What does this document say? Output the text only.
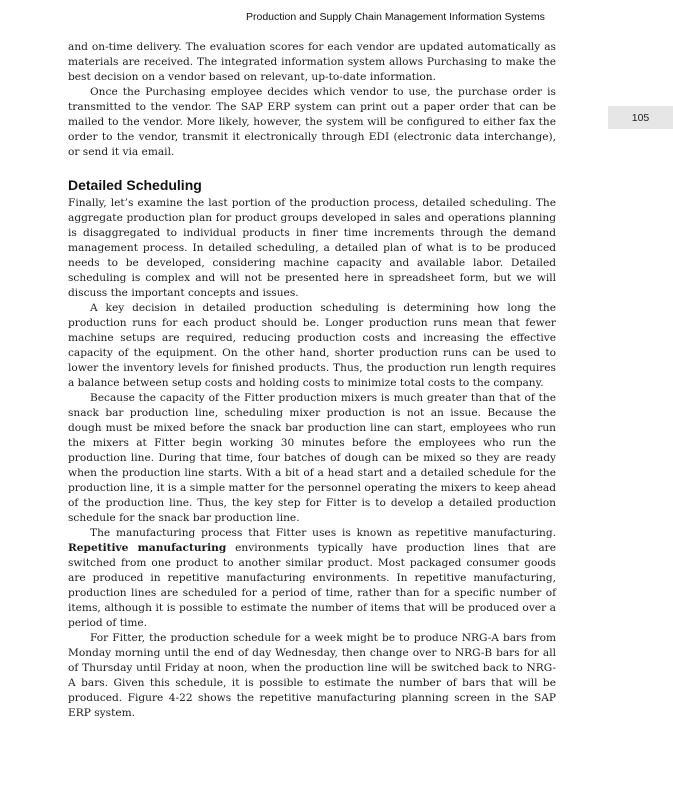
Production and Supply Chain Management Information Systems
105

and on-time delivery. The evaluation scores for each vendor are updated automatically as materials are received. The integrated information system allows Purchasing to make the best decision on a vendor based on relevant, up-to-date information.

Once the Purchasing employee decides which vendor to use, the purchase order is transmitted to the vendor. The SAP ERP system can print out a paper order that can be mailed to the vendor. More likely, however, the system will be configured to either fax the order to the vendor, transmit it electronically through EDI (electronic data interchange), or send it via email.

Detailed Scheduling

Finally, let’s examine the last portion of the production process, detailed scheduling. The aggregate production plan for product groups developed in sales and operations planning is disaggregated to individual products in finer time increments through the demand management process. In detailed scheduling, a detailed plan of what is to be produced needs to be developed, considering machine capacity and available labor. Detailed scheduling is complex and will not be presented here in spreadsheet form, but we will discuss the important concepts and issues.

A key decision in detailed production scheduling is determining how long the production runs for each product should be. Longer production runs mean that fewer machine setups are required, reducing production costs and increasing the effective capacity of the equipment. On the other hand, shorter production runs can be used to lower the inventory levels for finished products. Thus, the production run length requires a balance between setup costs and holding costs to minimize total costs to the company.

Because the capacity of the Fitter production mixers is much greater than that of the snack bar production line, scheduling mixer production is not an issue. Because the dough must be mixed before the snack bar production line can start, employees who run the mixers at Fitter begin working 30 minutes before the employees who run the production line. During that time, four batches of dough can be mixed so they are ready when the production line starts. With a bit of a head start and a detailed schedule for the production line, it is a simple matter for the personnel operating the mixers to keep ahead of the production line. Thus, the key step for Fitter is to develop a detailed production schedule for the snack bar production line.

The manufacturing process that Fitter uses is known as repetitive manufacturing. Repetitive manufacturing environments typically have production lines that are switched from one product to another similar product. Most packaged consumer goods are produced in repetitive manufacturing environments. In repetitive manufacturing, production lines are scheduled for a period of time, rather than for a specific number of items, although it is possible to estimate the number of items that will be produced over a period of time.

For Fitter, the production schedule for a week might be to produce NRG-A bars from Monday morning until the end of day Wednesday, then change over to NRG-B bars for all of Thursday until Friday at noon, when the production line will be switched back to NRG-A bars. Given this schedule, it is possible to estimate the number of bars that will be produced. Figure 4-22 shows the repetitive manufacturing planning screen in the SAP ERP system.
